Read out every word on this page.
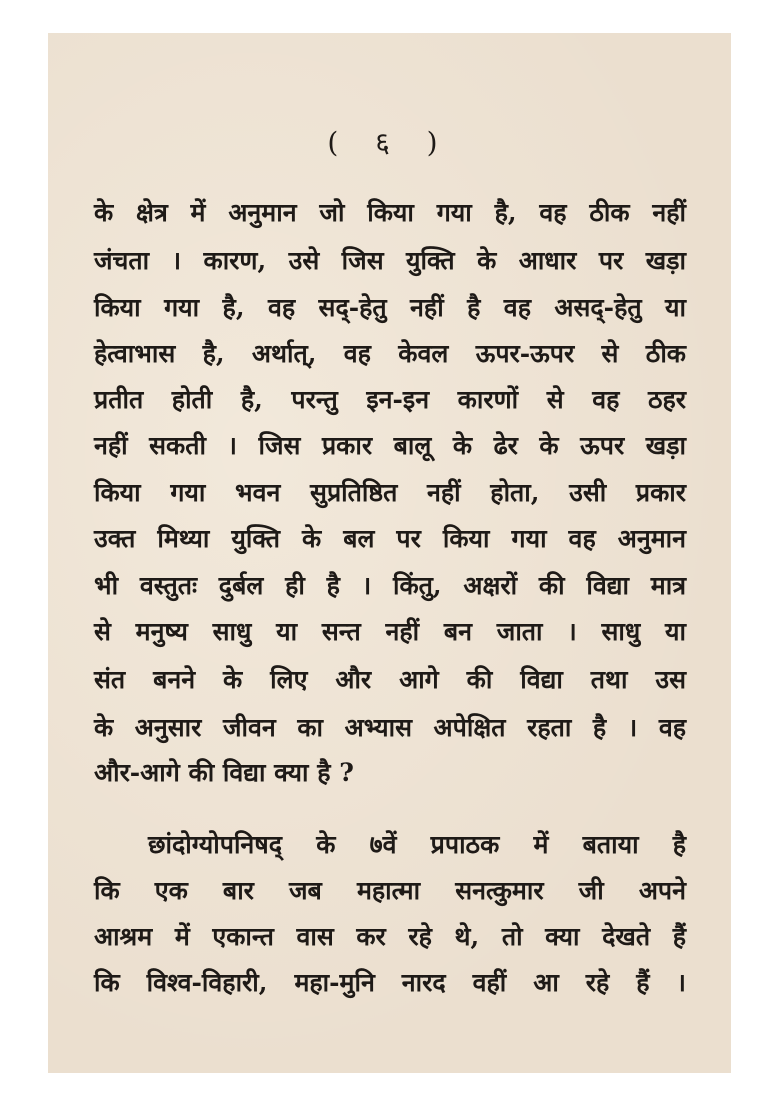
( ६ )
के क्षेत्र में अनुमान जो किया गया है, वह ठीक नहीं
जंचता । कारण, उसे जिस युक्ति के आधार पर खड़ा
किया गया है, वह सद्-हेतु नहीं है वह असद्-हेतु या
हेत्वाभास है, अर्थात्, वह केवल ऊपर-ऊपर से ठीक
प्रतीत होती है, परन्तु इन-इन कारणों से वह ठहर
नहीं सकती । जिस प्रकार बालू के ढेर के ऊपर खड़ा
किया गया भवन सुप्रतिष्ठित नहीं होता, उसी प्रकार
उक्त मिथ्या युक्ति के बल पर किया गया वह अनुमान
भी वस्तुतः दुर्बल ही है । किंतु, अक्षरों की विद्या मात्र
से मनुष्य साधु या सन्त नहीं बन जाता । साधु या
संत बनने के लिए और आगे की विद्या तथा उस
के अनुसार जीवन का अभ्यास अपेक्षित रहता है । वह
और-आगे की विद्या क्या है ?
छांदोग्योपनिषद् के ७वें प्रपाठक में बताया है
कि एक बार जब महात्मा सनत्कुमार जी अपने
आश्रम में एकान्त वास कर रहे थे, तो क्या देखते हैं
कि विश्व-विहारी, महा-मुनि नारद वहीं आ रहे हैं ।
